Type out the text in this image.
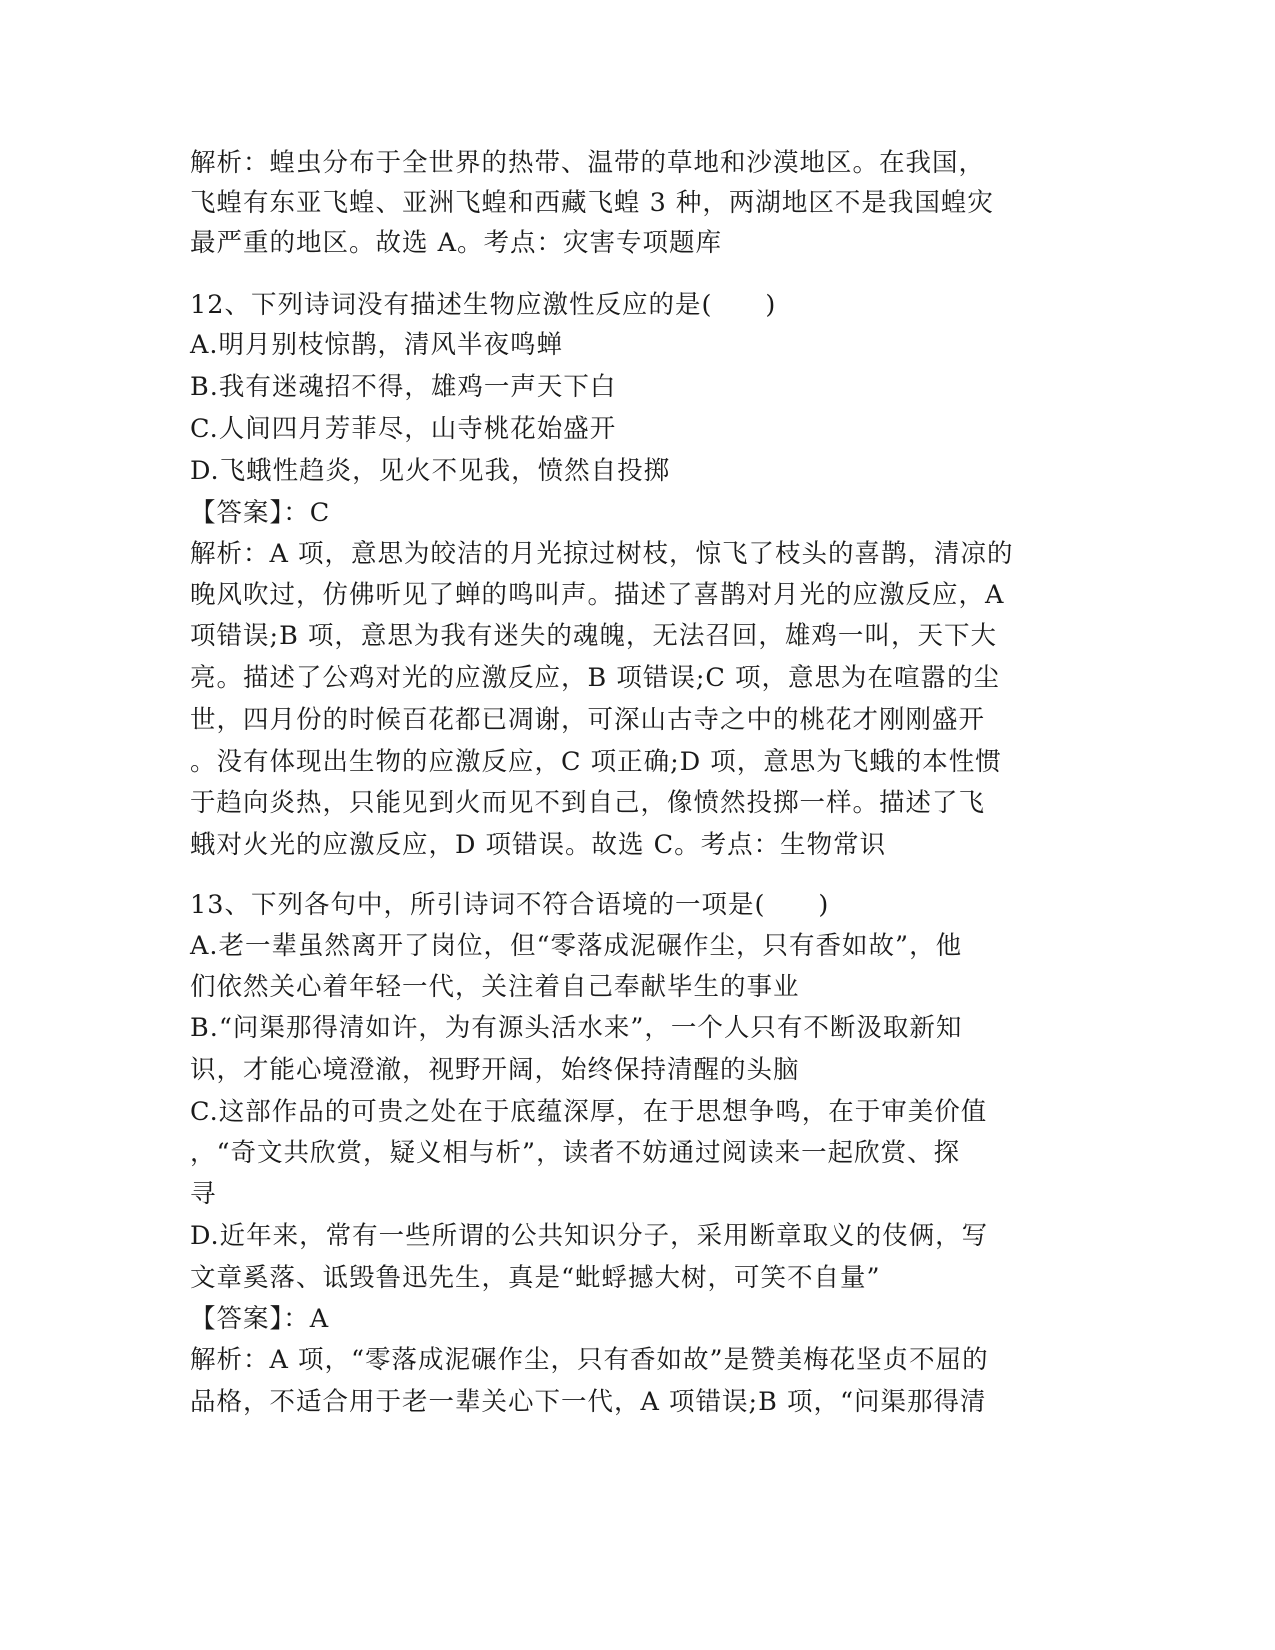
解析：蝗虫分布于全世界的热带、温带的草地和沙漠地区。在我国，
飞蝗有东亚飞蝗、亚洲飞蝗和西藏飞蝗 3 种，两湖地区不是我国蝗灾
最严重的地区。故选 A。考点：灾害专项题库
12、下列诗词没有描述生物应激性反应的是(　　)
A.明月别枝惊鹊，清风半夜鸣蝉
B.我有迷魂招不得，雄鸡一声天下白
C.人间四月芳菲尽，山寺桃花始盛开
D.飞蛾性趋炎，见火不见我，愤然自投掷
【答案】：C
解析：A 项，意思为皎洁的月光掠过树枝，惊飞了枝头的喜鹊，清凉的
晚风吹过，仿佛听见了蝉的鸣叫声。描述了喜鹊对月光的应激反应，A
项错误;B 项，意思为我有迷失的魂魄，无法召回，雄鸡一叫，天下大
亮。描述了公鸡对光的应激反应，B 项错误;C 项，意思为在喧嚣的尘
世，四月份的时候百花都已凋谢，可深山古寺之中的桃花才刚刚盛开
。没有体现出生物的应激反应，C 项正确;D 项，意思为飞蛾的本性惯
于趋向炎热，只能见到火而见不到自己，像愤然投掷一样。描述了飞
蛾对火光的应激反应，D 项错误。故选 C。考点：生物常识
13、下列各句中，所引诗词不符合语境的一项是(　　)
A.老一辈虽然离开了岗位，但“零落成泥碾作尘，只有香如故”，他
们依然关心着年轻一代，关注着自己奉献毕生的事业
B.“问渠那得清如许，为有源头活水来”，一个人只有不断汲取新知
识，才能心境澄澈，视野开阔，始终保持清醒的头脑
C.这部作品的可贵之处在于底蕴深厚，在于思想争鸣，在于审美价值
，“奇文共欣赏，疑义相与析”，读者不妨通过阅读来一起欣赏、探
寻
D.近年来，常有一些所谓的公共知识分子，采用断章取义的伎俩，写
文章奚落、诋毁鲁迅先生，真是“蚍蜉撼大树，可笑不自量”
【答案】：A
解析：A 项，“零落成泥碾作尘，只有香如故”是赞美梅花坚贞不屈的
品格，不适合用于老一辈关心下一代，A 项错误;B 项，“问渠那得清
